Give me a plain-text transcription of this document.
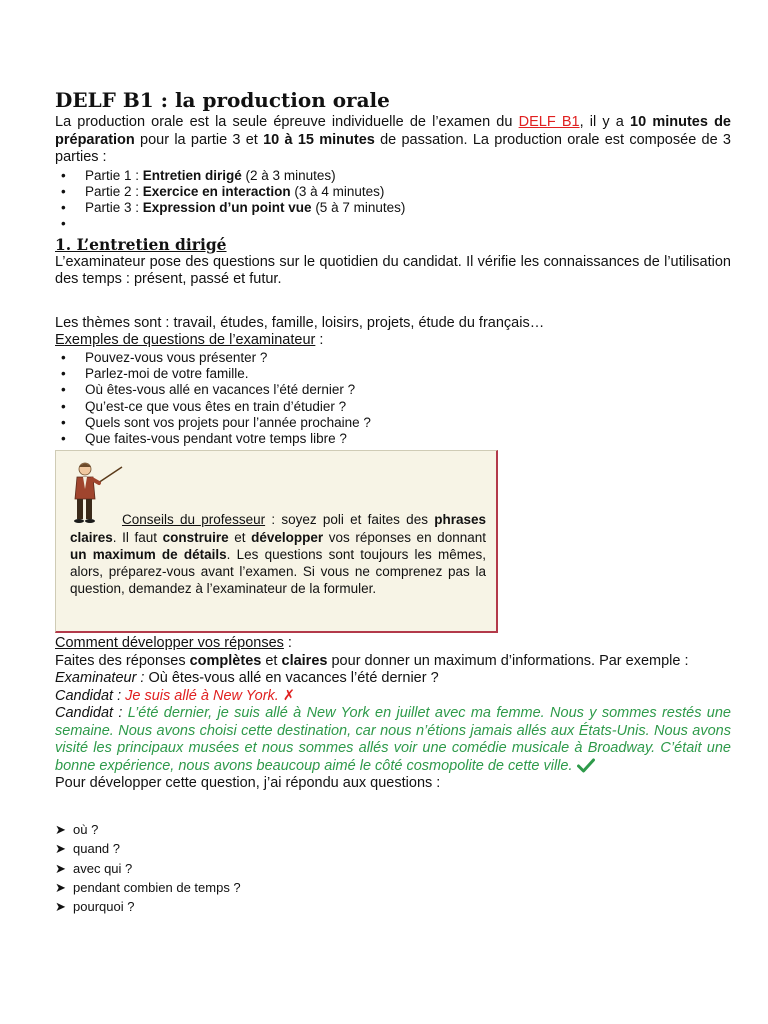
DELF B1 : la production orale

La production orale est la seule épreuve individuelle de l’examen du DELF B1, il y a 10 minutes de préparation pour la partie 3 et 10 à 15 minutes de passation. La production orale est composée de 3 parties :

• Partie 1 : Entretien dirigé (2 à 3 minutes)
• Partie 2 : Exercice en interaction (3 à 4 minutes)
• Partie 3 : Expression d’un point vue (5 à 7 minutes)
•
1. L’entretien dirigé

L’examinateur pose des questions sur le quotidien du candidat. Il vérifie les connaissances de l’utilisation des temps : présent, passé et futur.

Les thèmes sont : travail, études, famille, loisirs, projets, étude du français…

Exemples de questions de l’examinateur :

• Pouvez-vous vous présenter ?
• Parlez-moi de votre famille.
• Où êtes-vous allé en vacances l’été dernier ?
• Qu’est-ce que vous êtes en train d’étudier ?
• Quels sont vos projets pour l’année prochaine ?
• Que faites-vous pendant votre temps libre ?
Conseils du professeur : soyez poli et faites des phrases claires. Il faut construire et développer vos réponses en donnant un maximum de détails. Les questions sont toujours les mêmes, alors, préparez-vous avant l’examen. Si vous ne comprenez pas la question, demandez à l’examinateur de la formuler.

Comment développer vos réponses :

Faites des réponses complètes et claires pour donner un maximum d’informations. Par exemple :

Examinateur : Où êtes-vous allé en vacances l’été dernier ?

Candidat : Je suis allé à New York. ✗

Candidat : L’été dernier, je suis allé à New York en juillet avec ma femme. Nous y sommes restés une semaine. Nous avons choisi cette destination, car nous n’étions jamais allés aux États-Unis. Nous avons visité les principaux musées et nous sommes allés voir une comédie musicale à Broadway. C’était une bonne expérience, nous avons beaucoup aimé le côté cosmopolite de cette ville.

Pour développer cette question, j’ai répondu aux questions :

➤ où ?
➤ quand ?
➤ avec qui ?
➤ pendant combien de temps ?
➤ pourquoi ?
